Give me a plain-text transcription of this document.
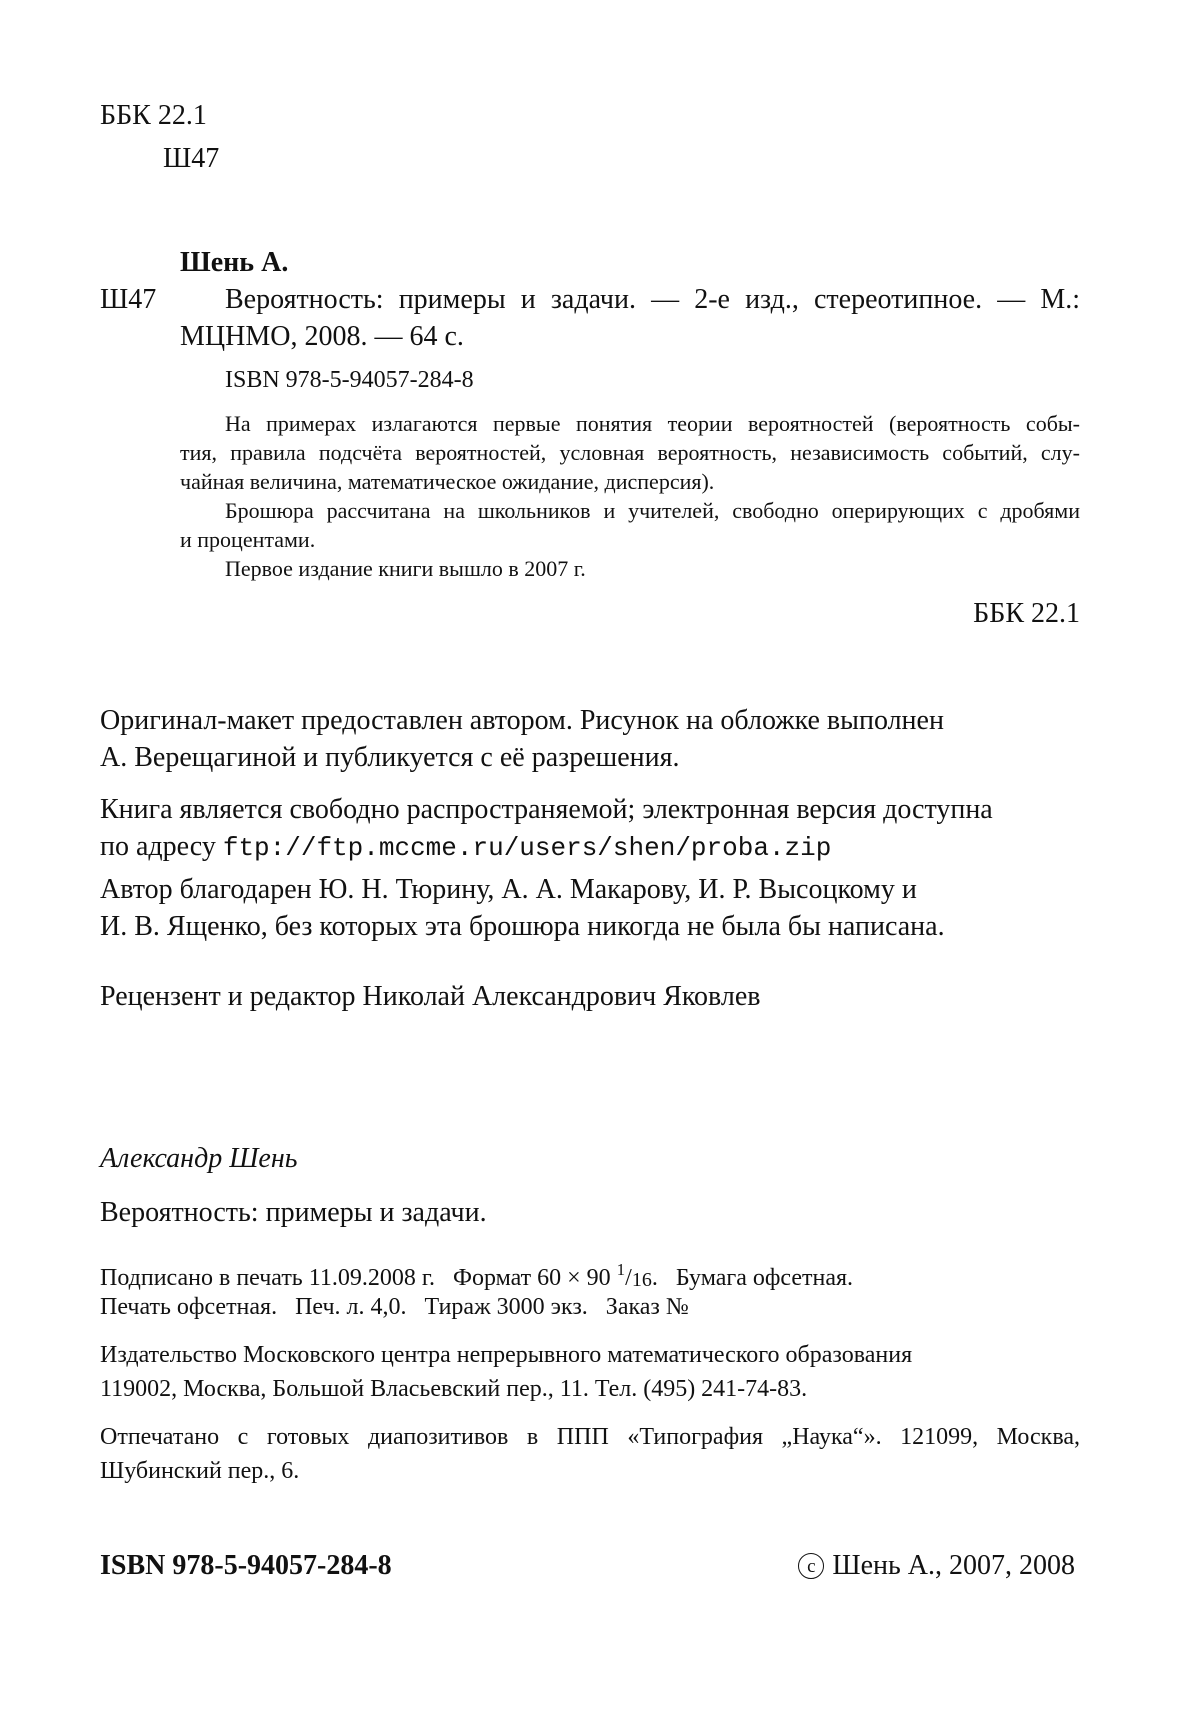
ББК 22.1
Ш47
Шень А.
Ш47 Вероятность: примеры и задачи. — 2-е изд., стереотипное. — М.:
МЦНМО, 2008. — 64 с.
ISBN 978-5-94057-284-8
На примерах излагаются первые понятия теории вероятностей (вероятность собы-
тия, правила подсчёта вероятностей, условная вероятность, независимость событий, слу-
чайная величина, математическое ожидание, дисперсия).
Брошюра рассчитана на школьников и учителей, свободно оперирующих с дробями
и процентами.
Первое издание книги вышло в 2007 г.
ББК 22.1
Оригинал-макет предоставлен автором. Рисунок на обложке выполнен
А. Верещагиной и публикуется с её разрешения.
Книга является свободно распространяемой; электронная версия доступна
по адресу ftp://ftp.mccme.ru/users/shen/proba.zip
Автор благодарен Ю. Н. Тюрину, А. А. Макарову, И. Р. Высоцкому и
И. В. Ященко, без которых эта брошюра никогда не была бы написана.
Рецензент и редактор Николай Александрович Яковлев
Александр Шень
Вероятность: примеры и задачи.
Подписано в печать 11.09.2008 г.   Формат 60 × 90 $^1/_{16}$.   Бумага офсетная.
Печать офсетная.   Печ. л. 4,0.   Тираж 3000 экз.   Заказ №
Издательство Московского центра непрерывного математического образования
119002, Москва, Большой Власьевский пер., 11. Тел. (495) 241-74-83.
Отпечатано с готовых диапозитивов в ППП «Типография „Наука“». 121099, Москва,
Шубинский пер., 6.
ISBN 978-5-94057-284-8	c Шень А., 2007, 2008
